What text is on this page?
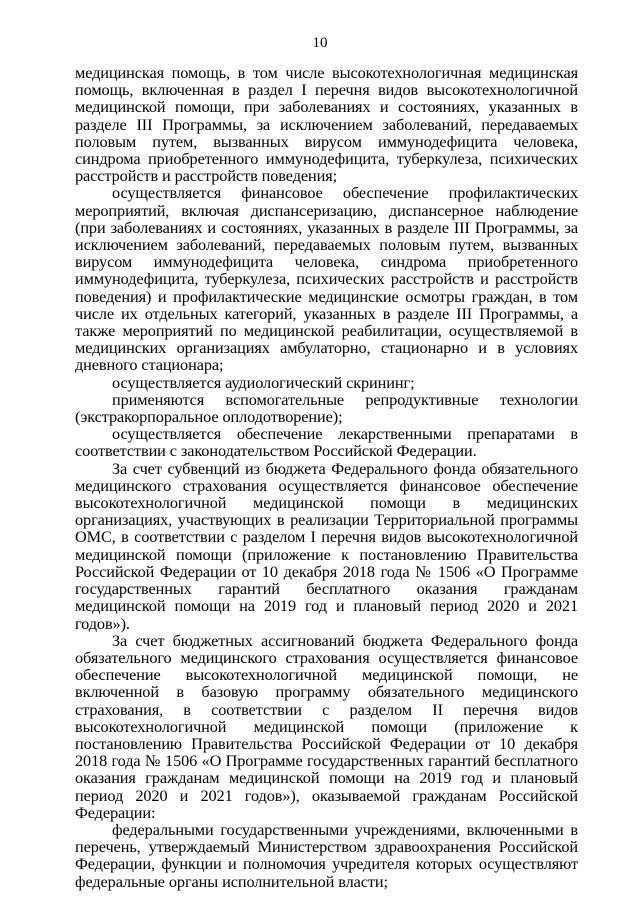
10

медицинская помощь, в том числе высокотехнологичная медицинская помощь, включенная в раздел I перечня видов высокотехнологичной медицинской помощи, при заболеваниях и состояниях, указанных в разделе III Программы, за исключением заболеваний, передаваемых половым путем, вызванных вирусом иммунодефицита человека, синдрома приобретенного иммунодефицита, туберкулеза, психических расстройств и расстройств поведения;

осуществляется финансовое обеспечение профилактических мероприятий, включая диспансеризацию, диспансерное наблюдение (при заболеваниях и состояниях, указанных в разделе III Программы, за исключением заболеваний, передаваемых половым путем, вызванных вирусом иммунодефицита человека, синдрома приобретенного иммунодефицита, туберкулеза, психических расстройств и расстройств поведения) и профилактические медицинские осмотры граждан, в том числе их отдельных категорий, указанных в разделе III Программы, а также мероприятий по медицинской реабилитации, осуществляемой в медицинских организациях амбулаторно, стационарно и в условиях дневного стационара;

осуществляется аудиологический скрининг;

применяются вспомогательные репродуктивные технологии (экстракорпоральное оплодотворение);

осуществляется обеспечение лекарственными препаратами в соответствии с законодательством Российской Федерации.

За счет субвенций из бюджета Федерального фонда обязательного медицинского страхования осуществляется финансовое обеспечение высокотехнологичной медицинской помощи в медицинских организациях, участвующих в реализации Территориальной программы ОМС, в соответствии с разделом I перечня видов высокотехнологичной медицинской помощи (приложение к постановлению Правительства Российской Федерации от 10 декабря 2018 года № 1506 «О Программе государственных гарантий бесплатного оказания гражданам медицинской помощи на 2019 год и плановый период 2020 и 2021 годов»).

За счет бюджетных ассигнований бюджета Федерального фонда обязательного медицинского страхования осуществляется финансовое обеспечение высокотехнологичной медицинской помощи, не включенной в базовую программу обязательного медицинского страхования, в соответствии с разделом II перечня видов высокотехнологичной медицинской помощи (приложение к постановлению Правительства Российской Федерации от 10 декабря 2018 года № 1506 «О Программе государственных гарантий бесплатного оказания гражданам медицинской помощи на 2019 год и плановый период 2020 и 2021 годов»), оказываемой гражданам Российской Федерации:

федеральными государственными учреждениями, включенными в перечень, утверждаемый Министерством здравоохранения Российской Федерации, функции и полномочия учредителя которых осуществляют федеральные органы исполнительной власти;
